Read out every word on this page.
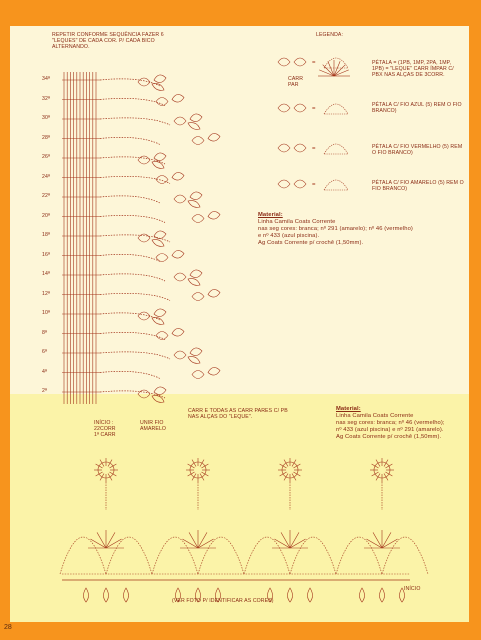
=
=
=
=
REPETIR CONFORME SEQUÊNCIA FAZER 6 "LEQUES" DE CADA COR. P/ CADA BICO ALTERNANDO.
LEGENDA:
CARR PAR
PÉTALA = (1PB, 1MP, 2PA, 1MP, 1PB) = "LEQUE" CARR ÍMPAR C/ PBX NAS ALÇAS DE 3CORR.
PÉTALA C/ FIO AZUL (5) REM O FIO BRANCO)
PÉTALA C/ FIO VERMELHO (5) REM O FIO BRANCO)
PÉTALA C/ FIO AMARELO (5) REM O FIO BRANCO)
Material:
Linha Camila Coats Corrente
nas seg cores: branca; nº 291 (amarelo); nº 46 (vermelho)
e nº 433 (azul piscina).
Ag Coats Corrente p/ crochê (1,50mm).
Material:
Linha Camila Coats Corrente
nas seg cores: branca; nº 46 (vermelho);
nº 433 (azul piscina) e nº 291 (amarelo).
Ag Coats Corrente p/ crochê (1,50mm).
INÍCIO : 22CORR
1ª CARR
UNIR FIO AMARELO
CARR E TODAS AS CARR PARES C/ PB NAS ALÇAS DO "LEQUE".
INÍCIO
(VER FOTO P/ IDENTIFICAR AS CORES)
34ª
32ª
30ª
28ª
26ª
24ª
22ª
20ª
18ª
16ª
14ª
12ª
10ª
8ª
6ª
4ª
2ª
28
